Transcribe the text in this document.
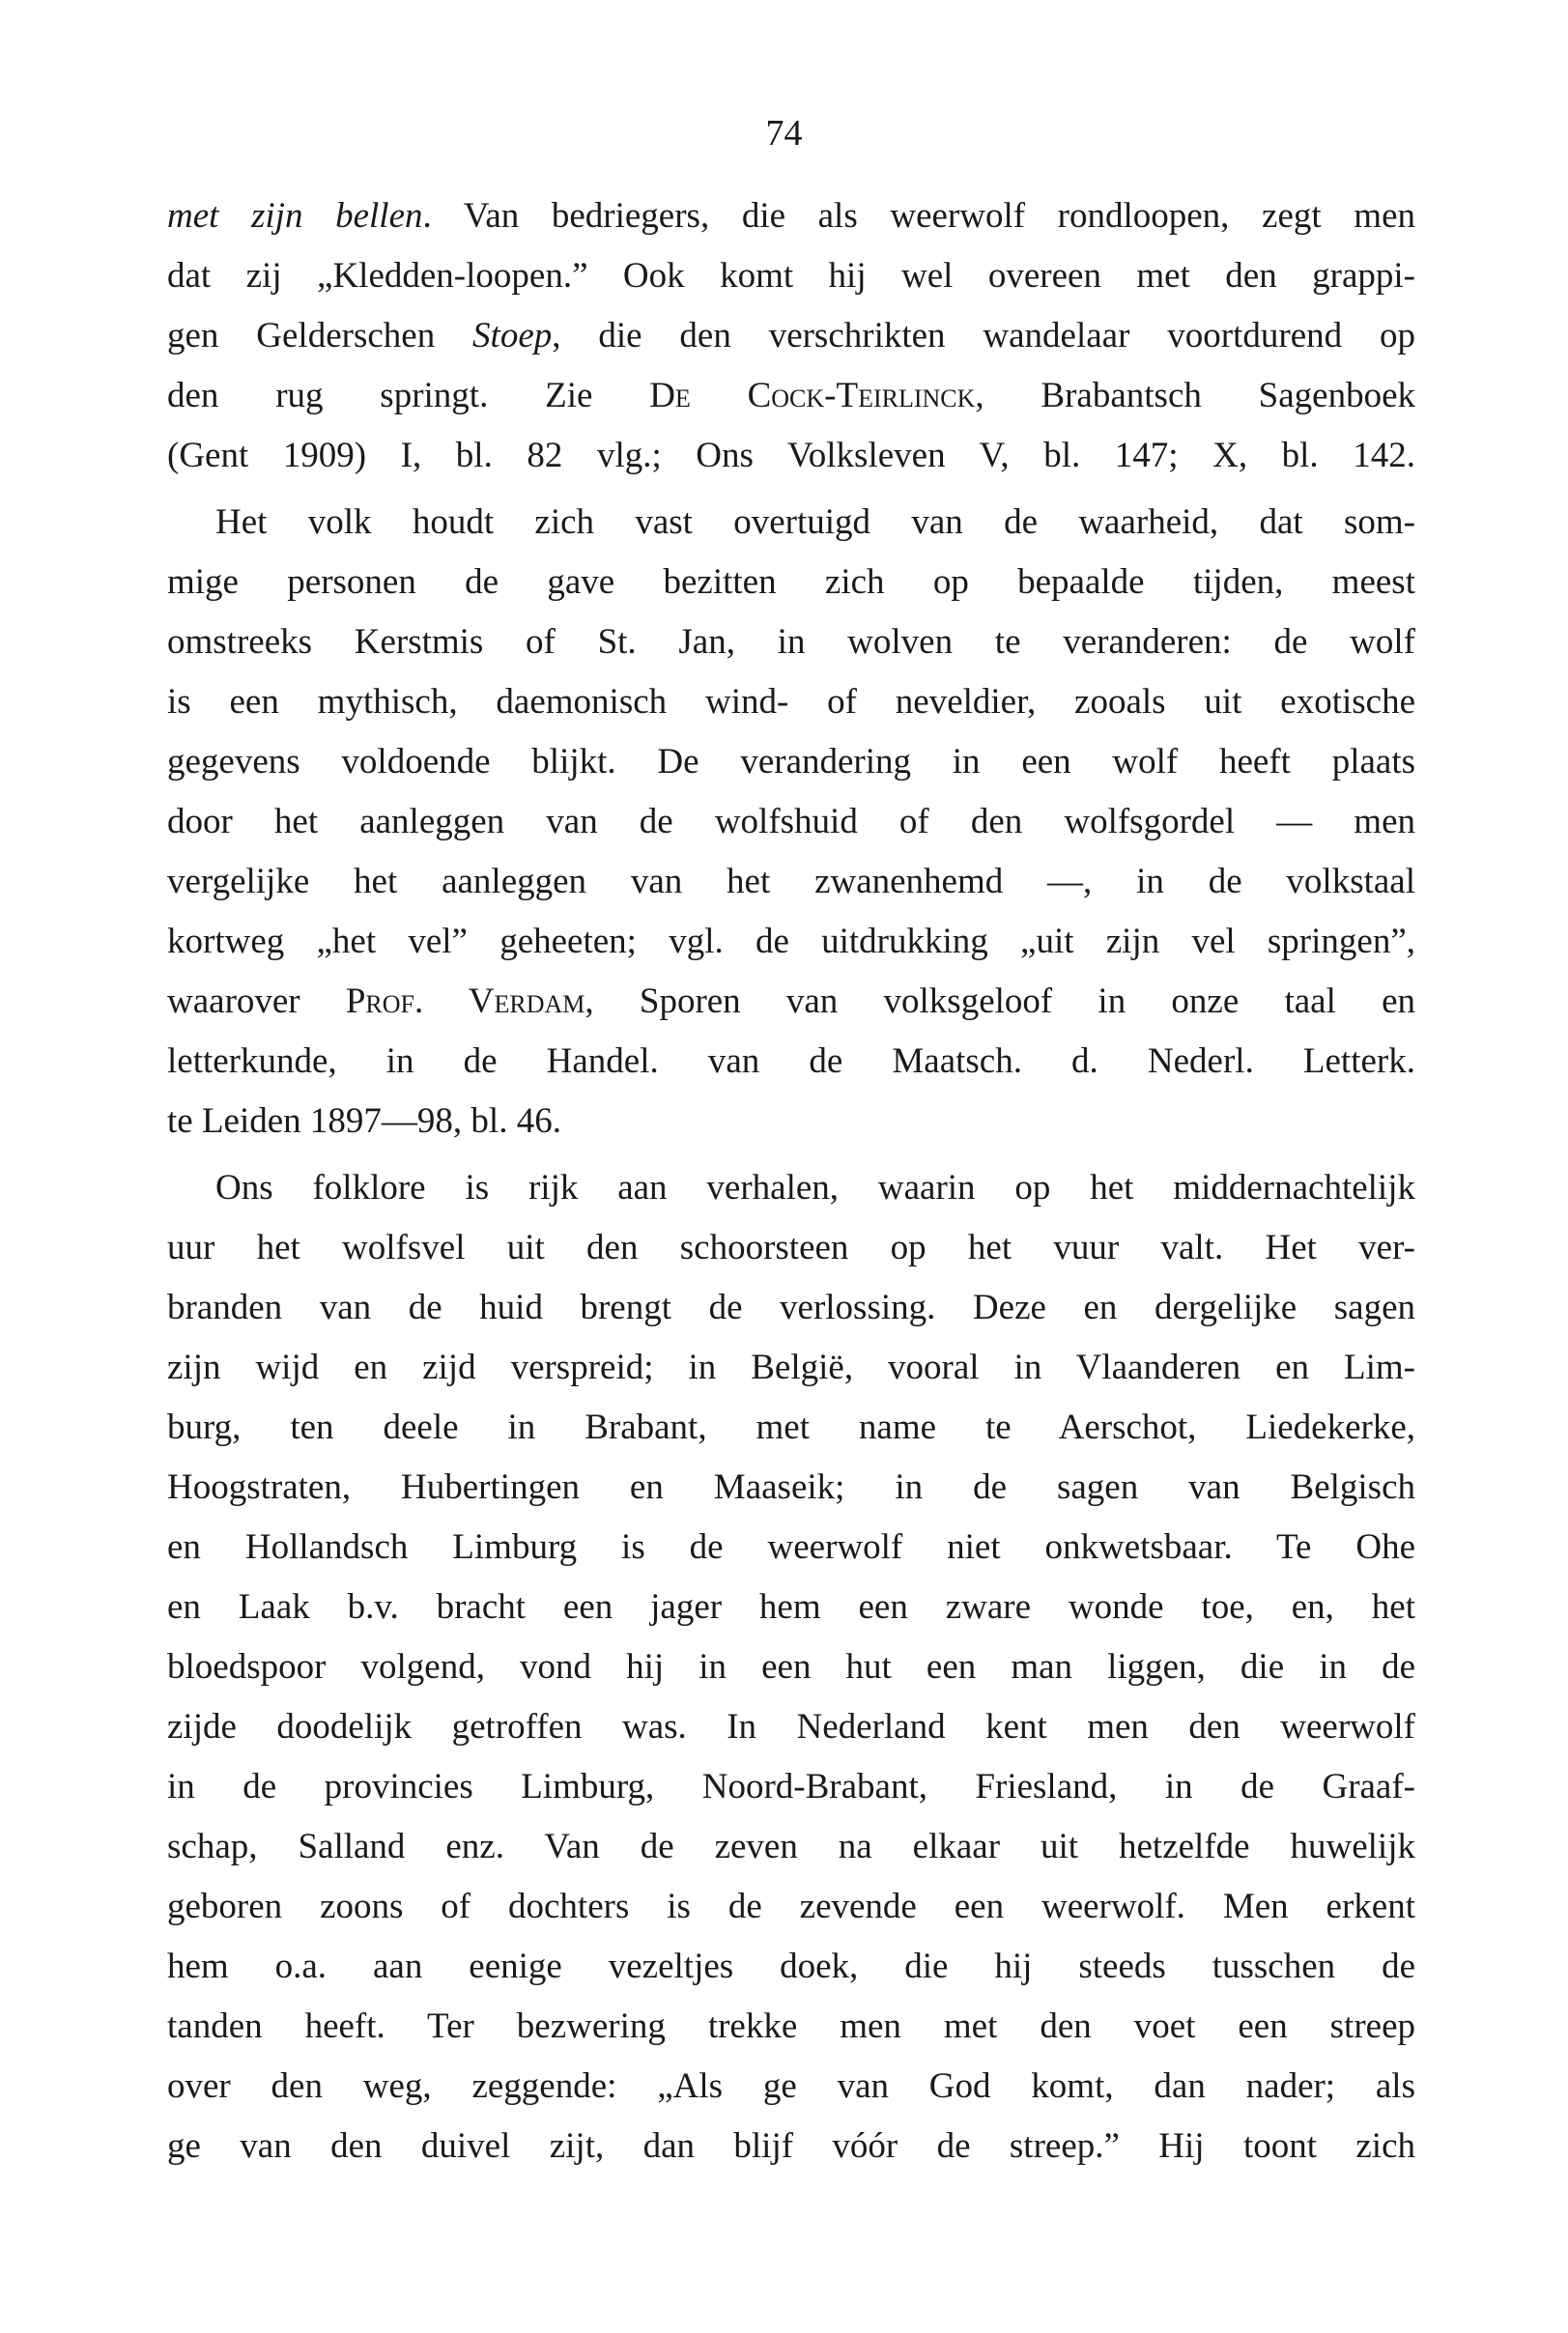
74
met zijn bellen. Van bedriegers, die als weerwolf rondloopen, zegt men
dat zij „Kledden-loopen.” Ook komt hij wel overeen met den grappi-
gen Gelderschen Stoep, die den verschrikten wandelaar voortdurend op
den rug springt. Zie De Cock-Teirlinck, Brabantsch Sagenboek
(Gent 1909) I, bl. 82 vlg.; Ons Volksleven V, bl. 147; X, bl. 142.
Het volk houdt zich vast overtuigd van de waarheid, dat som-
mige personen de gave bezitten zich op bepaalde tijden, meest
omstreeks Kerstmis of St. Jan, in wolven te veranderen: de wolf
is een mythisch, daemonisch wind- of neveldier, zooals uit exotische
gegevens voldoende blijkt. De verandering in een wolf heeft plaats
door het aanleggen van de wolfshuid of den wolfsgordel — men
vergelijke het aanleggen van het zwanenhemd —, in de volkstaal
kortweg „het vel” geheeten; vgl. de uitdrukking „uit zijn vel springen”,
waarover Prof. Verdam, Sporen van volksgeloof in onze taal en
letterkunde, in de Handel. van de Maatsch. d. Nederl. Letterk.
te Leiden 1897—98, bl. 46.
Ons folklore is rijk aan verhalen, waarin op het middernachtelijk
uur het wolfsvel uit den schoorsteen op het vuur valt. Het ver-
branden van de huid brengt de verlossing. Deze en dergelijke sagen
zijn wijd en zijd verspreid; in België, vooral in Vlaanderen en Lim-
burg, ten deele in Brabant, met name te Aerschot, Liedekerke,
Hoogstraten, Hubertingen en Maaseik; in de sagen van Belgisch
en Hollandsch Limburg is de weerwolf niet onkwetsbaar. Te Ohe
en Laak b.v. bracht een jager hem een zware wonde toe, en, het
bloedspoor volgend, vond hij in een hut een man liggen, die in de
zijde doodelijk getroffen was. In Nederland kent men den weerwolf
in de provincies Limburg, Noord-Brabant, Friesland, in de Graaf-
schap, Salland enz. Van de zeven na elkaar uit hetzelfde huwelijk
geboren zoons of dochters is de zevende een weerwolf. Men erkent
hem o.a. aan eenige vezeltjes doek, die hij steeds tusschen de
tanden heeft. Ter bezwering trekke men met den voet een streep
over den weg, zeggende: „Als ge van God komt, dan nader; als
ge van den duivel zijt, dan blijf vóór de streep.” Hij toont zich
